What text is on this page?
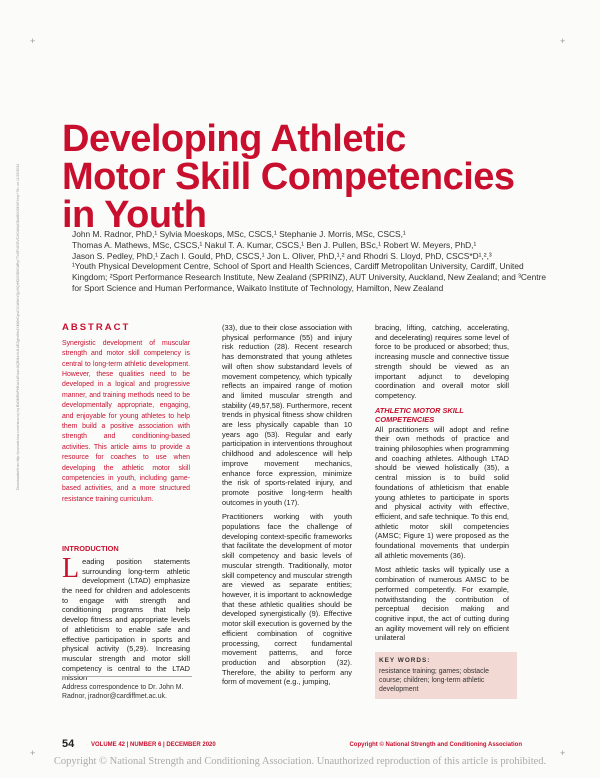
+	+
+	+
Downloaded from http://journals.lww.com/nsca-scj by BhDMf5ePHKav1zEoum1tQfN4a+kJLhEZgbsIHo4XMi0hCywCX1AWnYQp/IlQrHD3i3D0OdRyi7TvSFl4Cf3VC4/OAVpDDa8KKGKV0Ymy+78= on 11/23/2024
Developing Athletic
Motor Skill Competencies
in Youth
John M. Radnor, PhD,¹ Sylvia Moeskops, MSc, CSCS,¹ Stephanie J. Morris, MSc, CSCS,¹
Thomas A. Mathews, MSc, CSCS,¹ Nakul T. A. Kumar, CSCS,¹ Ben J. Pullen, BSc,¹ Robert W. Meyers, PhD,¹
Jason S. Pedley, PhD,¹ Zach I. Gould, PhD, CSCS,¹ Jon L. Oliver, PhD,¹,² and Rhodri S. Lloyd, PhD, CSCS*D¹,²,³
¹Youth Physical Development Centre, School of Sport and Health Sciences, Cardiff Metropolitan University, Cardiff, United Kingdom; ²Sport Performance Research Institute, New Zealand (SPRINZ), AUT University, Auckland, New Zealand; and ³Centre for Sport Science and Human Performance, Waikato Institute of Technology, Hamilton, New Zealand
ABSTRACT

Synergistic development of muscular strength and motor skill competency is central to long-term athletic development. However, these qualities need to be developed in a logical and progressive manner, and training methods need to be developmentally appropriate, engaging, and enjoyable for young athletes to help them build a positive association with strength and conditioning-based activities. This article aims to provide a resource for coaches to use when developing the athletic motor skill competencies in youth, including game-based activities, and a more structured resistance training curriculum.

INTRODUCTION

Leading position statements surrounding long-term athletic development (LTAD) emphasize the need for children and adolescents to engage with strength and conditioning programs that help develop fitness and appropriate levels of athleticism to enable safe and effective participation in sports and physical activity (5,29). Increasing muscular strength and motor skill competency is central to the LTAD mission

Address correspondence to Dr. John M. Radnor, jradnor@cardiffmet.ac.uk.

(33), due to their close association with physical performance (55) and injury risk reduction (28). Recent research has demonstrated that young athletes will often show substandard levels of movement competency, which typically reflects an impaired range of motion and limited muscular strength and stability (49,57,58). Furthermore, recent trends in physical fitness show children are less physically capable than 10 years ago (53). Regular and early participation in interventions throughout childhood and adolescence will help improve movement mechanics, enhance force expression, minimize the risk of sports-related injury, and promote positive long-term health outcomes in youth (17).

Practitioners working with youth populations face the challenge of developing context-specific frameworks that facilitate the development of motor skill competency and basic levels of muscular strength. Traditionally, motor skill competency and muscular strength are viewed as separate entities; however, it is important to acknowledge that these athletic qualities should be developed synergistically (9). Effective motor skill execution is governed by the efficient combination of cognitive processing, correct fundamental movement patterns, and force production and absorption (32). Therefore, the ability to perform any form of movement (e.g., jumping,

bracing, lifting, catching, accelerating, and decelerating) requires some level of force to be produced or absorbed; thus, increasing muscle and connective tissue strength should be viewed as an important adjunct to developing coordination and overall motor skill competency.

ATHLETIC MOTOR SKILL COMPETENCIES

All practitioners will adopt and refine their own methods of practice and training philosophies when programming and coaching athletes. Although LTAD should be viewed holistically (35), a central mission is to build solid foundations of athleticism that enable young athletes to participate in sports and physical activity with effective, efficient, and safe technique. To this end, athletic motor skill competencies (AMSC; Figure 1) were proposed as the foundational movements that underpin all athletic movements (36).

Most athletic tasks will typically use a combination of numerous AMSC to be performed competently. For example, notwithstanding the contribution of perceptual decision making and cognitive input, the act of cutting during an agility movement will rely on efficient unilateral

KEY WORDS:
resistance training; games; obstacle course; children; long-term athletic development
54	VOLUME 42 | NUMBER 6 | DECEMBER 2020	Copyright © National Strength and Conditioning Association
Copyright © National Strength and Conditioning Association. Unauthorized reproduction of this article is prohibited.
